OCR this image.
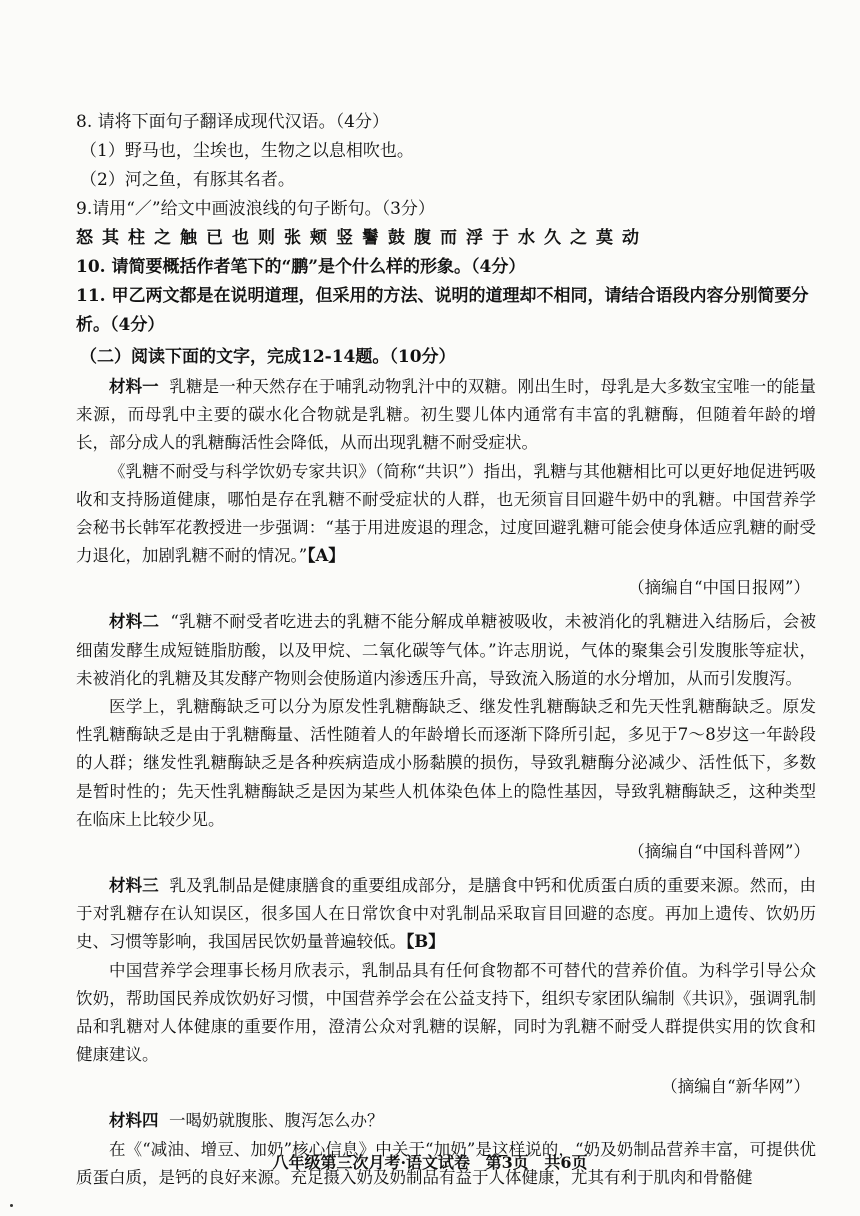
8. 请将下面句子翻译成现代汉语。（4分）

（1）野马也，尘埃也，生物之以息相吹也。

（2）河之鱼，有豚其名者。

9.请用“／”给文中画波浪线的句子断句。（3分）

怒其柱之触已也则张颊竖鬐鼓腹而浮于水久之莫动

10. 请简要概括作者笔下的“鹏”是个什么样的形象。（4分）

11. 甲乙两文都是在说明道理，但采用的方法、说明的道理却不相同，请结合语段内容分别简要分析。（4分）

（二）阅读下面的文字，完成12-14题。（10分）

材料一 乳糖是一种天然存在于哺乳动物乳汁中的双糖。刚出生时，母乳是大多数宝宝唯一的能量来源，而母乳中主要的碳水化合物就是乳糖。初生婴儿体内通常有丰富的乳糖酶，但随着年龄的增长，部分成人的乳糖酶活性会降低，从而出现乳糖不耐受症状。

《乳糖不耐受与科学饮奶专家共识》（简称“共识”）指出，乳糖与其他糖相比可以更好地促进钙吸收和支持肠道健康，哪怕是存在乳糖不耐受症状的人群，也无须盲目回避牛奶中的乳糖。中国营养学会秘书长韩军花教授进一步强调：“基于用进废退的理念，过度回避乳糖可能会使身体适应乳糖的耐受力退化，加剧乳糖不耐的情况。”【A】

（摘编自“中国日报网”）

材料二 “乳糖不耐受者吃进去的乳糖不能分解成单糖被吸收，未被消化的乳糖进入结肠后，会被细菌发酵生成短链脂肪酸，以及甲烷、二氧化碳等气体。”许志朋说，气体的聚集会引发腹胀等症状，未被消化的乳糖及其发酵产物则会使肠道内渗透压升高，导致流入肠道的水分增加，从而引发腹泻。

医学上，乳糖酶缺乏可以分为原发性乳糖酶缺乏、继发性乳糖酶缺乏和先天性乳糖酶缺乏。原发性乳糖酶缺乏是由于乳糖酶量、活性随着人的年龄增长而逐渐下降所引起，多见于7～8岁这一年龄段的人群；继发性乳糖酶缺乏是各种疾病造成小肠黏膜的损伤，导致乳糖酶分泌减少、活性低下，多数是暂时性的；先天性乳糖酶缺乏是因为某些人机体染色体上的隐性基因，导致乳糖酶缺乏，这种类型在临床上比较少见。

（摘编自“中国科普网”）

材料三 乳及乳制品是健康膳食的重要组成部分，是膳食中钙和优质蛋白质的重要来源。然而，由于对乳糖存在认知误区，很多国人在日常饮食中对乳制品采取盲目回避的态度。再加上遗传、饮奶历史、习惯等影响，我国居民饮奶量普遍较低。【B】

中国营养学会理事长杨月欣表示，乳制品具有任何食物都不可替代的营养价值。为科学引导公众饮奶，帮助国民养成饮奶好习惯，中国营养学会在公益支持下，组织专家团队编制《共识》，强调乳制品和乳糖对人体健康的重要作用，澄清公众对乳糖的误解，同时为乳糖不耐受人群提供实用的饮食和健康建议。

（摘编自“新华网”）

材料四 一喝奶就腹胀、腹泻怎么办？

在《“减油、增豆、加奶”核心信息》中关于“加奶”是这样说的，“奶及奶制品营养丰富，可提供优质蛋白质，是钙的良好来源。充足摄入奶及奶制品有益于人体健康，尤其有利于肌肉和骨骼健

八年级第三次月考·语文试卷 第3页 共6页
